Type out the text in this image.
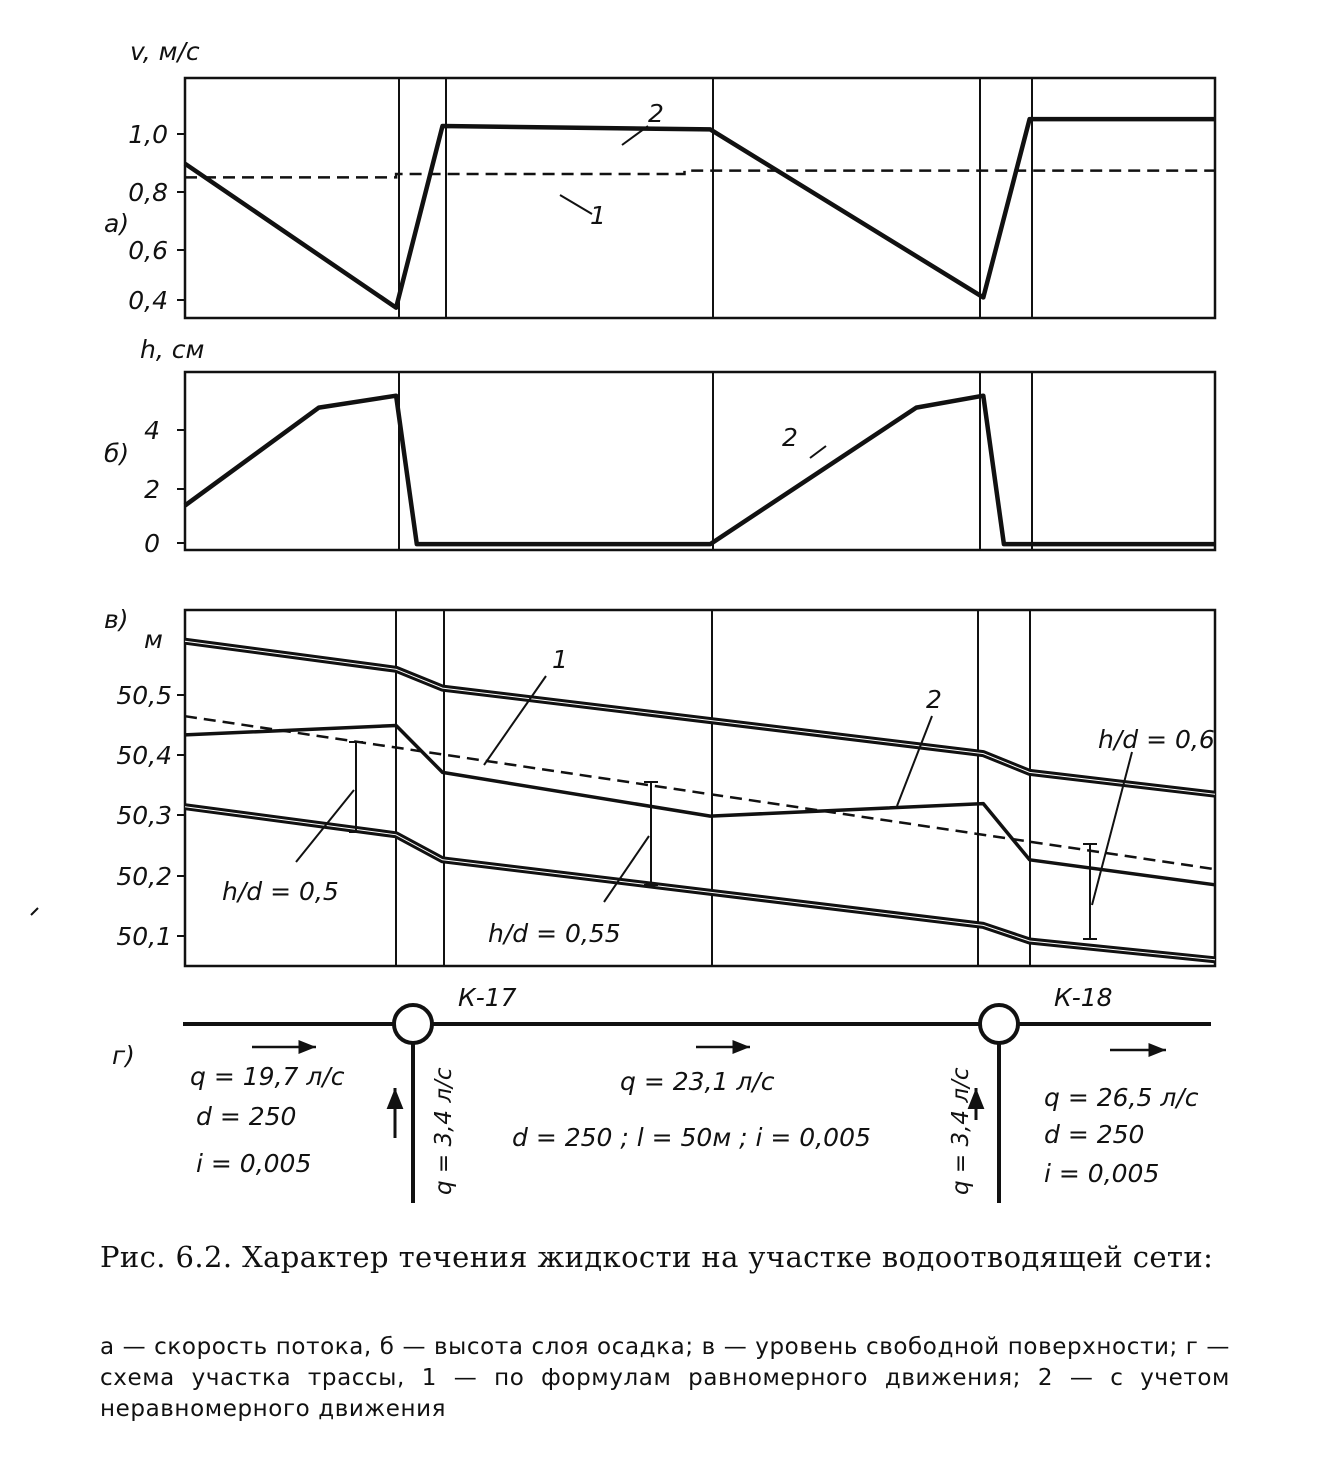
v, м/с
1,0
0,8
0,6
0,4
а)	1
2
h, см
4
2
0
б)
2
в)
м
50,5
50,4
50,3
50,2
50,1
1
2
h/d = 0,5
h/d = 0,55
h/d = 0,6
г)
К-17	К-18
q = 19,7 л/с
d = 250
i = 0,005
q = 23,1 л/с
d = 250 ; l = 50м ; i = 0,005
q = 26,5 л/с
d = 250
i = 0,005
q = 3,4 л/с	q = 3,4 л/с
Рис. 6.2. Характер течения жидкости на участке водоотводящей сети:
а — скорость потока, б — высота слоя осадка; в — уровень свободной поверхности; г — схема участка трассы, 1 — по формулам равномерного движения; 2 — с учетом неравномерного движения
